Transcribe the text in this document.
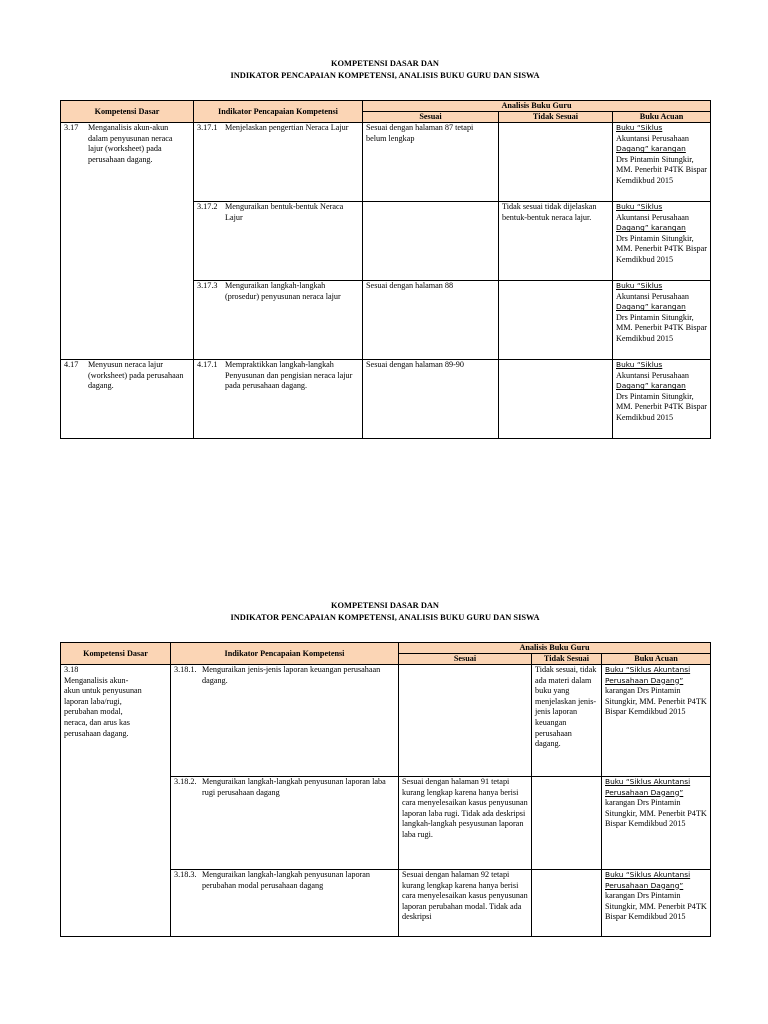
KOMPETENSI DASAR DAN
INDIKATOR PENCAPAIAN KOMPETENSI, ANALISIS BUKU GURU DAN SISWA
Kompetensi Dasar	Indikator Pencapaian Kompetensi	Analisis Buku Guru		
		Sesuai	Tidak Sesuai	Buku Acuan
3.17 Menganalisis akun-akun dalam penyusunan neraca lajur (worksheet) pada perusahaan dagang.	3.17.1 Menjelaskan pengertian Neraca Lajur	Sesuai dengan halaman 87 tetapi belum lengkap		Buku “Siklus
Akuntansi Perusahaan
Dagang” karangan
Drs Pintamin Situngkir, MM. Penerbit P4TK Bispar Kemdikbud 2015
	3.17.2 Menguraikan bentuk-bentuk Neraca Lajur		Tidak sesuai tidak dijelaskan bentuk-bentuk neraca lajur.	Buku “Siklus
Akuntansi Perusahaan
Dagang” karangan
Drs Pintamin Situngkir, MM. Penerbit P4TK Bispar Kemdikbud 2015
	3.17.3 Menguraikan langkah-langkah (prosedur) penyusunan neraca lajur	Sesuai dengan halaman 88		Buku “Siklus
Akuntansi Perusahaan
Dagang” karangan
Drs Pintamin Situngkir, MM. Penerbit P4TK Bispar Kemdikbud 2015
4.17 Menyusun neraca lajur (worksheet) pada perusahaan dagang.	4.17.1 Mempraktikkan langkah-langkah Penyusunan dan pengisian neraca lajur pada perusahaan dagang.	Sesuai dengan halaman 89-90		Buku “Siklus
Akuntansi Perusahaan
Dagang” karangan
Drs Pintamin Situngkir, MM. Penerbit P4TK Bispar Kemdikbud 2015
KOMPETENSI DASAR DAN
INDIKATOR PENCAPAIAN KOMPETENSI, ANALISIS BUKU GURU DAN SISWA
Kompetensi Dasar	Indikator Pencapaian Kompetensi	Analisis Buku Guru		
		Sesuai	Tidak Sesuai	Buku Acuan
3.18Menganalisis akun-akun untuk penyusunan laporan laba/rugi, perubahan modal, neraca, dan arus kas perusahaan dagang.	3.18.1. Menguraikan jenis-jenis laporan keuangan perusahaan dagang.		Tidak sesuai, tidak ada materi dalam buku yang menjelaskan jenis-jenis laporan keuangan perusahaan dagang.	Buku “Siklus Akuntansi
Perusahaan Dagang”
karangan Drs Pintamin Situngkir, MM. Penerbit P4TK Bispar Kemdikbud 2015
	3.18.2. Menguraikan langkah-langkah penyusunan laporan laba rugi perusahaan dagang	Sesuai dengan halaman 91 tetapi kurang lengkap karena hanya berisi cara menyelesaikan kasus penyusunan laporan laba rugi. Tidak ada deskripsi langkah-langkah pesyusunan laporan laba rugi.		Buku “Siklus Akuntansi
Perusahaan Dagang”
karangan Drs Pintamin Situngkir, MM. Penerbit P4TK Bispar Kemdikbud 2015
	3.18.3. Menguraikan langkah-langkah penyusunan laporan perubahan modal perusahaan dagang	Sesuai dengan halaman 92 tetapi kurang lengkap karena hanya berisi cara menyelesaikan kasus penyusunan laporan perubahan modal. Tidak ada deskripsi		Buku “Siklus Akuntansi
Perusahaan Dagang”
karangan Drs Pintamin Situngkir, MM. Penerbit P4TK Bispar Kemdikbud 2015
